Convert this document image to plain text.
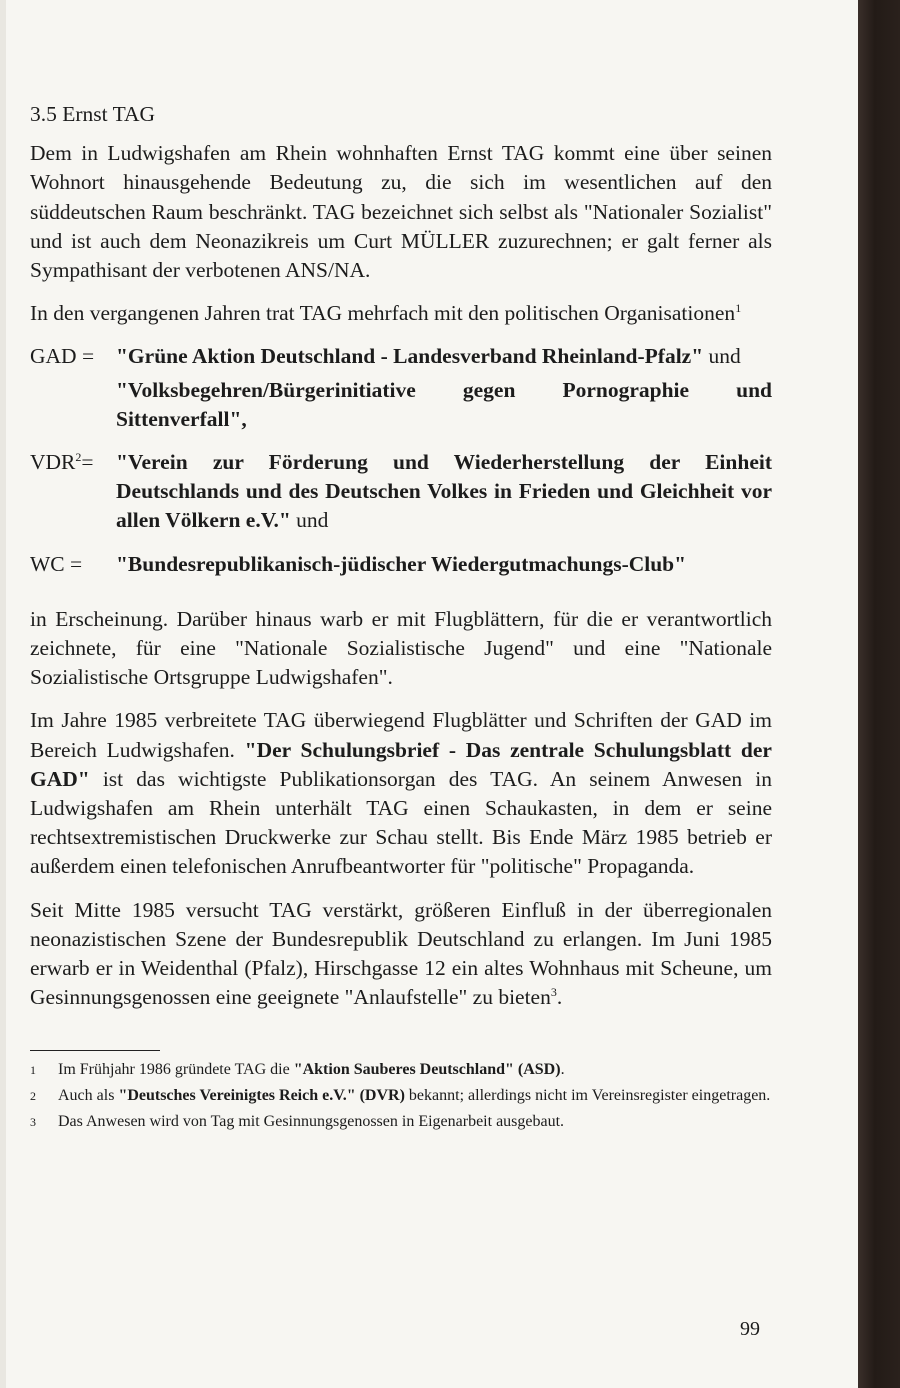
3.5 Ernst TAG

Dem in Ludwigshafen am Rhein wohnhaften Ernst TAG kommt eine über seinen Wohnort hinausgehende Bedeutung zu, die sich im wesentlichen auf den süddeutschen Raum beschränkt. TAG bezeichnet sich selbst als "Nationaler Sozialist" und ist auch dem Neonazikreis um Curt MÜLLER zuzurechnen; er galt ferner als Sympathisant der verbotenen ANS/NA.

In den vergangenen Jahren trat TAG mehrfach mit den politischen Organisationen$^1$

GAD =	"Grüne Aktion Deutschland - Landesverband Rheinland-Pfalz" und
"Volksbegehren/Bürgerinitiative gegen Pornographie und Sittenverfall",
$VDR^2=$	"Verein zur Förderung und Wiederherstellung der Einheit Deutschlands und des Deutschen Volkes in Frieden und Gleichheit vor allen Völkern e.V." und
WC =	"Bundesrepublikanisch-jüdischer Wiedergutmachungs-Club"

in Erscheinung. Darüber hinaus warb er mit Flugblättern, für die er verantwortlich zeichnete, für eine "Nationale Sozialistische Jugend" und eine "Nationale Sozialistische Ortsgruppe Ludwigshafen".

Im Jahre 1985 verbreitete TAG überwiegend Flugblätter und Schriften der GAD im Bereich Ludwigshafen. "Der Schulungsbrief - Das zentrale Schulungsblatt der GAD" ist das wichtigste Publikationsorgan des TAG. An seinem Anwesen in Ludwigshafen am Rhein unterhält TAG einen Schaukasten, in dem er seine rechtsextremistischen Druckwerke zur Schau stellt. Bis Ende März 1985 betrieb er außerdem einen telefonischen Anrufbeantworter für "politische" Propaganda.

Seit Mitte 1985 versucht TAG verstärkt, größeren Einfluß in der überregionalen neonazistischen Szene der Bundesrepublik Deutschland zu erlangen. Im Juni 1985 erwarb er in Weidenthal (Pfalz), Hirschgasse 12 ein altes Wohnhaus mit Scheune, um Gesinnungsgenossen eine geeignete "Anlaufstelle" zu bieten$^3$.

1	Im Frühjahr 1986 gründete TAG die "Aktion Sauberes Deutschland" (ASD).
2	Auch als "Deutsches Vereinigtes Reich e.V." (DVR) bekannt; allerdings nicht im Vereinsregister eingetragen.
3	Das Anwesen wird von Tag mit Gesinnungsgenossen in Eigenarbeit ausgebaut.
99
